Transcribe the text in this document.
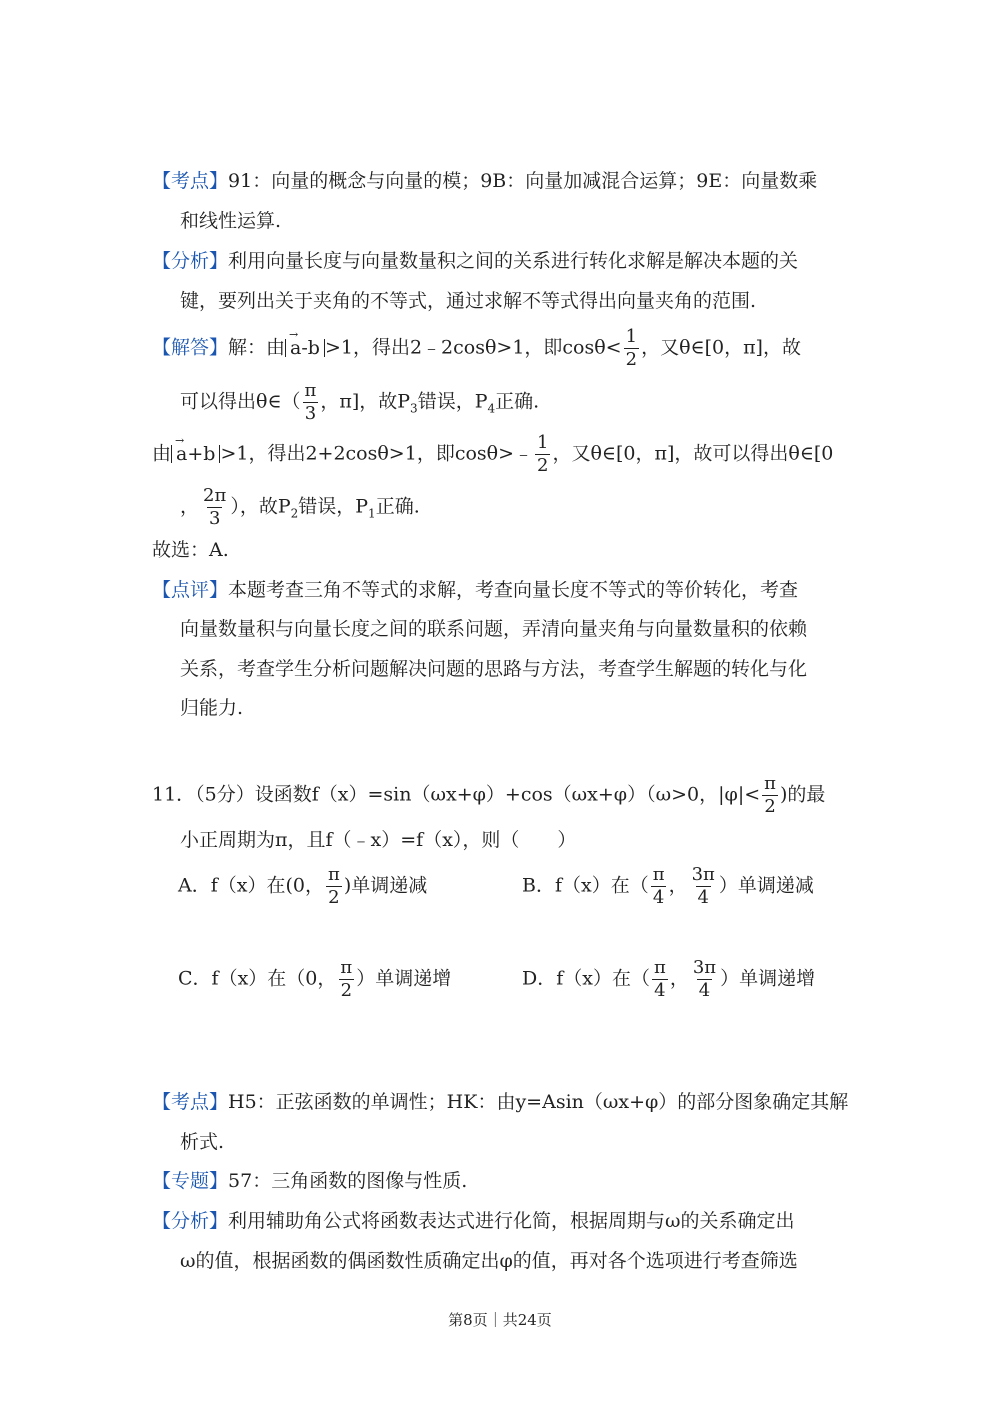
【考点】91：向量的概念与向量的模；9B：向量加减混合运算；9E：向量数乘
和线性运算.
【分析】利用向量长度与向量数量积之间的关系进行转化求解是解决本题的关
键，要列出关于夹角的不等式，通过求解不等式得出向量夹角的范围.
【解答】解：由 → a-b >1，得出2﹣2cosθ>1，即$\cos\theta< \frac{1}{2}$ ，又θ∈[0，π]，故
可以得出θ∈（ $\frac{\pi}{3}$ ，π]，故$P_3$错误，$P_4$正确.
由 → a+b >1，得出2+2cosθ>1，即cosθ>﹣ $\frac{1}{2}$ ，又θ∈[0，π]，故可以得出θ∈[0
， $\frac{2\pi}{3}$ ），故$P_2$错误，$P_1$正确.
故选：A.
【点评】本题考查三角不等式的求解，考查向量长度不等式的等价转化，考查
向量数量积与向量长度之间的联系问题，弄清向量夹角与向量数量积的依赖
关系，考查学生分析问题解决问题的思路与方法，考查学生解题的转化与化
归能力.
11．（5分）设函数f（x）=sin（ωx+φ）+cos（ωx+φ）（ω>0，$|\varphi|< \frac{\pi}{2}$ )的最
小正周期为π，且f（﹣x）=f（x），则（　　）
A．f（x）在(0， $\frac{\pi}{2}$ )单调递减	B．f（x）在（ $\frac{\pi}{4}$ ， $\frac{3\pi}{4}$ ）单调递减
C．f（x）在（0， $\frac{\pi}{2}$ ）单调递增	D．f（x）在（ $\frac{\pi}{4}$ ， $\frac{3\pi}{4}$ ）单调递增
【考点】H5：正弦函数的单调性；HK：由y=Asin（ωx+φ）的部分图象确定其解
析式.
【专题】57：三角函数的图像与性质.
【分析】利用辅助角公式将函数表达式进行化简，根据周期与ω的关系确定出
ω的值，根据函数的偶函数性质确定出φ的值，再对各个选项进行考查筛选
第8页｜共24页
